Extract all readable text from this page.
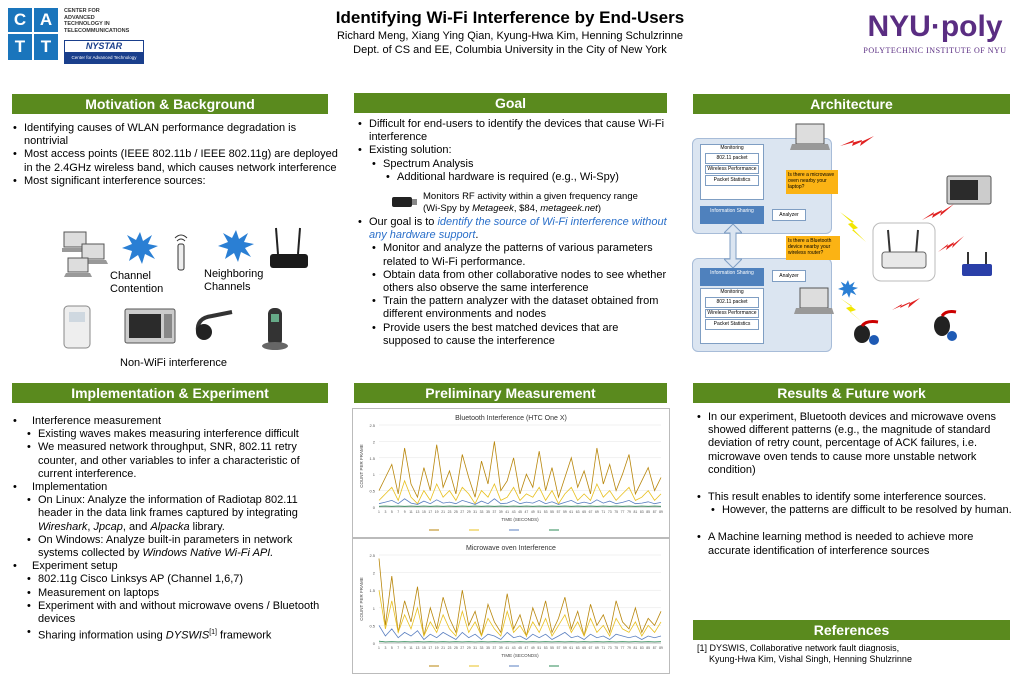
C A
T T
CENTER FOR
ADVANCED
TECHNOLOGY IN
TELECOMMUNICATIONS
NYSTAR
Center for Advanced Technology
Identifying Wi-Fi Interference by End-Users
Richard Meng, Xiang Ying Qian, Kyung-Hwa Kim, Henning Schulzrinne
Dept. of CS and EE, Columbia University in the City of New York
NYU·poly
POLYTECHNIC INSTITUTE OF NYU
Motivation & Background
• Identifying causes of WLAN performance degradation is nontrivial
• Most access points (IEEE 802.11b / IEEE 802.11g) are deployed in the 2.4GHz wireless band, which causes network interference
• Most significant interference sources:
Channel Contention
Neighboring Channels
Non-WiFi interference
Goal
• Difficult for end-users to identify the devices that cause Wi-Fi interference
• Existing solution:
• Spectrum Analysis
• Additional hardware is required (e.g., Wi-Spy)
Monitors RF activity within a given frequency range
(Wi-Spy by Metageek, $84, metageek.net)
• Our goal is to identify the source of Wi-Fi interference without any hardware support.
• Monitor and analyze the patterns of various parameters related to Wi-Fi performance.
• Obtain data from other collaborative nodes to see whether others also observe the same interference
• Train the pattern analyzer with the dataset obtained from different environments and nodes
• Provide users the best matched devices that are supposed to cause the interference
Architecture
Monitoring
802.11 packet
Wireless Performance
Packet Statistics
Information Sharing
Analyzer
Information Sharing	Analyzer
Monitoring
802.11 packet
Wireless Performance
Packet Statistics
Is there a microwave oven nearby your laptop?
Is there a Bluetooth device nearby your wireless router?
Implementation & Experiment
• Interference measurement
• Existing waves makes measuring interference difficult
• We measured network throughput, SNR, 802.11 retry counter, and other variables to infer a characteristic of current interference.
• Implementation
• On Linux: Analyze the information of Radiotap 802.11 header in the data link frames captured by integrating Wireshark, Jpcap, and Alpacka library.
• On Windows: Analyze built-in parameters in network systems collected by Windows Native Wi-Fi API.
• Experiment setup
• 802.11g Cisco Linksys AP (Channel 1,6,7)
• Measurement on laptops
• Experiment with and without microwave ovens / Bluetooth devices
• Sharing information using DYSWIS[1] framework
Preliminary Measurement
Bluetooth Interference (HTC One X)
0
0.5
1
1.5
2
2.5
1 3 5 7 9 11 13 15 17 19 21 23 25 27 29 31 33 35 37 39 41 43 45 47 49 51 53 55 57 59 61 63 65 67 69 71 73 75 77 79 81 83 85 87 89
TIME (SECONDS)
COUNT PER FRAME
Microwave oven Interference
0
0.5
1
1.5
2
2.5
1 3 5 7 9 11 13 15 17 19 21 23 25 27 29 31 33 35 37 39 41 43 45 47 49 51 53 55 57 59 61 63 65 67 69 71 73 75 77 79 81 83 85 87 89
TIME (SECONDS)
COUNT PER FRAME
Results & Future work
• In our experiment, Bluetooth devices and microwave ovens showed different patterns (e.g., the magnitude of standard deviation of retry count, percentage of ACK failures, i.e. microwave oven tends to cause more unstable network condition)
• This result enables to identify some interference sources.
• However, the patterns are difficult to be resolved by human.
• A Machine learning method is needed to achieve more accurate identification of interference sources
References
[1] DYSWIS, Collaborative network fault diagnosis,
Kyung-Hwa Kim, Vishal Singh, Henning Shulzrinne
